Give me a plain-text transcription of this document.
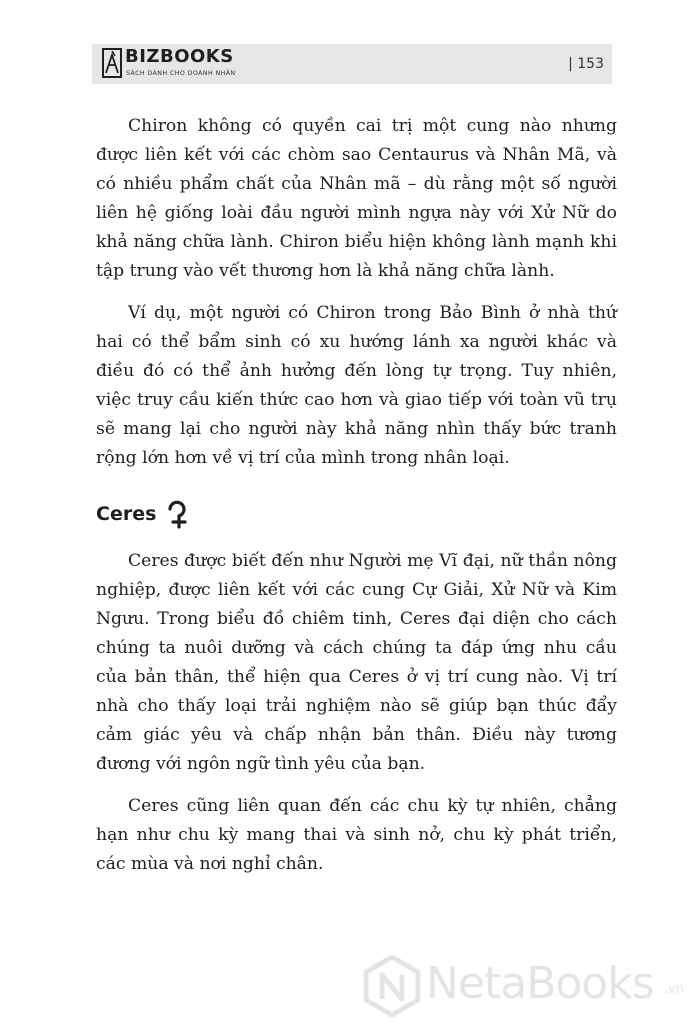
BIZBOOKS
SÁCH DÀNH CHO DOANH NHÂN
| 153

Chiron không có quyền cai trị một cung nào nhưng được liên kết với các chòm sao Centaurus và Nhân Mã, và có nhiều phẩm chất của Nhân mã – dù rằng một số người liên hệ giống loài đầu người mình ngựa này với Xử Nữ do khả năng chữa lành. Chiron biểu hiện không lành mạnh khi tập trung vào vết thương hơn là khả năng chữa lành.

Ví dụ, một người có Chiron trong Bảo Bình ở nhà thứ hai có thể bẩm sinh có xu hướng lánh xa người khác và điều đó có thể ảnh hưởng đến lòng tự trọng. Tuy nhiên, việc truy cầu kiến thức cao hơn và giao tiếp với toàn vũ trụ sẽ mang lại cho người này khả năng nhìn thấy bức tranh rộng lớn hơn về vị trí của mình trong nhân loại.

Ceres

Ceres được biết đến như Người mẹ Vĩ đại, nữ thần nông nghiệp, được liên kết với các cung Cự Giải, Xử Nữ và Kim Ngưu. Trong biểu đồ chiêm tinh, Ceres đại diện cho cách chúng ta nuôi dưỡng và cách chúng ta đáp ứng nhu cầu của bản thân, thể hiện qua Ceres ở vị trí cung nào. Vị trí nhà cho thấy loại trải nghiệm nào sẽ giúp bạn thúc đẩy cảm giác yêu và chấp nhận bản thân. Điều này tương đương với ngôn ngữ tình yêu của bạn.

Ceres cũng liên quan đến các chu kỳ tự nhiên, chẳng hạn như chu kỳ mang thai và sinh nở, chu kỳ phát triển, các mùa và nơi nghỉ chân.

NetaBooks .vn
